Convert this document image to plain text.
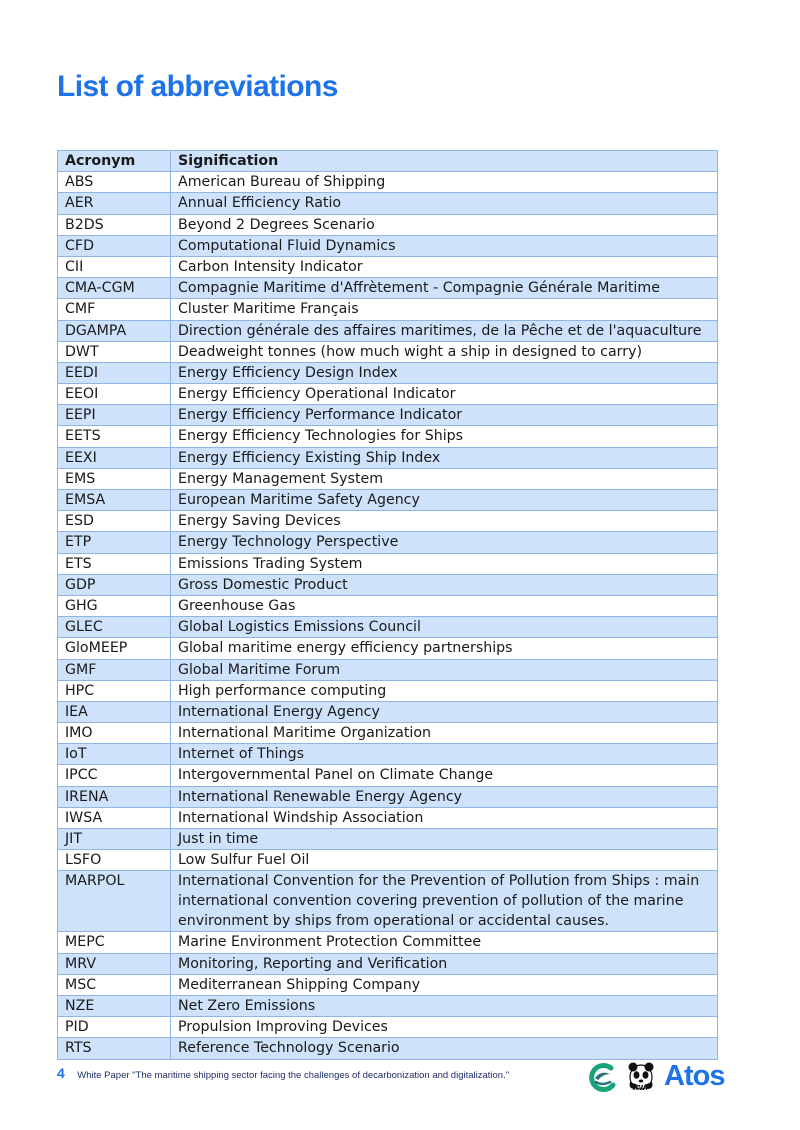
List of abbreviations
Acronym	Signification
ABS	American Bureau of Shipping
AER	Annual Efficiency Ratio
B2DS	Beyond 2 Degrees Scenario
CFD	Computational Fluid Dynamics
CII	Carbon Intensity Indicator
CMA-CGM	Compagnie Maritime d'Affrètement - Compagnie Générale Maritime
CMF	Cluster Maritime Français
DGAMPA	Direction générale des affaires maritimes, de la Pêche et de l'aquaculture
DWT	Deadweight tonnes (how much wight a ship in designed to carry)
EEDI	Energy Efficiency Design Index
EEOI	Energy Efficiency Operational Indicator
EEPI	Energy Efficiency Performance Indicator
EETS	Energy Efficiency Technologies for Ships
EEXI	Energy Efficiency Existing Ship Index
EMS	Energy Management System
EMSA	European Maritime Safety Agency
ESD	Energy Saving Devices
ETP	Energy Technology Perspective
ETS	Emissions Trading System
GDP	Gross Domestic Product
GHG	Greenhouse Gas
GLEC	Global Logistics Emissions Council
GloMEEP	Global maritime energy efficiency partnerships
GMF	Global Maritime Forum
HPC	High performance computing
IEA	International Energy Agency
IMO	International Maritime Organization
IoT	Internet of Things
IPCC	Intergovernmental Panel on Climate Change
IRENA	International Renewable Energy Agency
IWSA	International Windship Association
JIT	Just in time
LSFO	Low Sulfur Fuel Oil
MARPOL	International Convention for the Prevention of Pollution from Ships : main international convention covering prevention of pollution of the marine environment by ships from operational or accidental causes.
MEPC	Marine Environment Protection Committee
MRV	Monitoring, Reporting and Verification
MSC	Mediterranean Shipping Company
NZE	Net Zero Emissions
PID	Propulsion Improving Devices
RTS	Reference Technology Scenario
4 White Paper "The maritime shipping sector facing the challenges of decarbonization and digitalization."
WWF Atos
